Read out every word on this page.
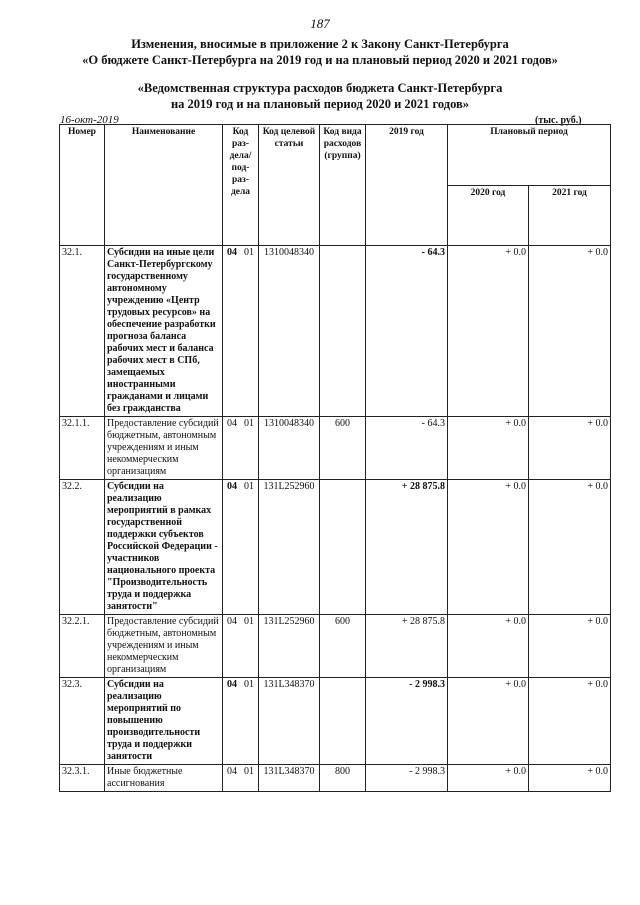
187
Изменения, вносимые в приложение 2 к Закону Санкт-Петербурга
«О бюджете Санкт-Петербурга на 2019 год и на плановый период 2020 и 2021 годов»
«Ведомственная структура расходов бюджета Санкт-Петербурга
на 2019 год и на плановый период 2020 и 2021 годов»
16-окт-2019	(тыс. руб.)
Номер	Наименование	Код раз-дела/ под-раз-дела	Код целевой статьи	Код вида расходов (группа)	2019 год	Плановый период	
						2020 год	2021 год
32.1.	Субсидии на иные цели Санкт-Петербургскому государственному автономному учреждению «Центр трудовых ресурсов» на обеспечение разработки прогноза баланса рабочих мест и баланса рабочих мест в СПб, замещаемых иностранными гражданами и лицами без гражданства	04 01	1310048340		- 64.3	+ 0.0	+ 0.0
32.1.1.	Предоставление субсидий бюджетным, автономным учреждениям и иным некоммерческим организациям	04 01	1310048340	600	- 64.3	+ 0.0	+ 0.0
32.2.	Субсидии на реализацию мероприятий в рамках государственной поддержки субъектов Российской Федерации - участников национального проекта "Производительность труда и поддержка занятости"	04 01	131L252960		+ 28 875.8	+ 0.0	+ 0.0
32.2.1.	Предоставление субсидий бюджетным, автономным учреждениям и иным некоммерческим организациям	04 01	131L252960	600	+ 28 875.8	+ 0.0	+ 0.0
32.3.	Субсидии на реализацию мероприятий по повышению производительности труда и поддержки занятости	04 01	131L348370		- 2 998.3	+ 0.0	+ 0.0
32.3.1.	Иные бюджетные ассигнования	04 01	131L348370	800	- 2 998.3	+ 0.0	+ 0.0
